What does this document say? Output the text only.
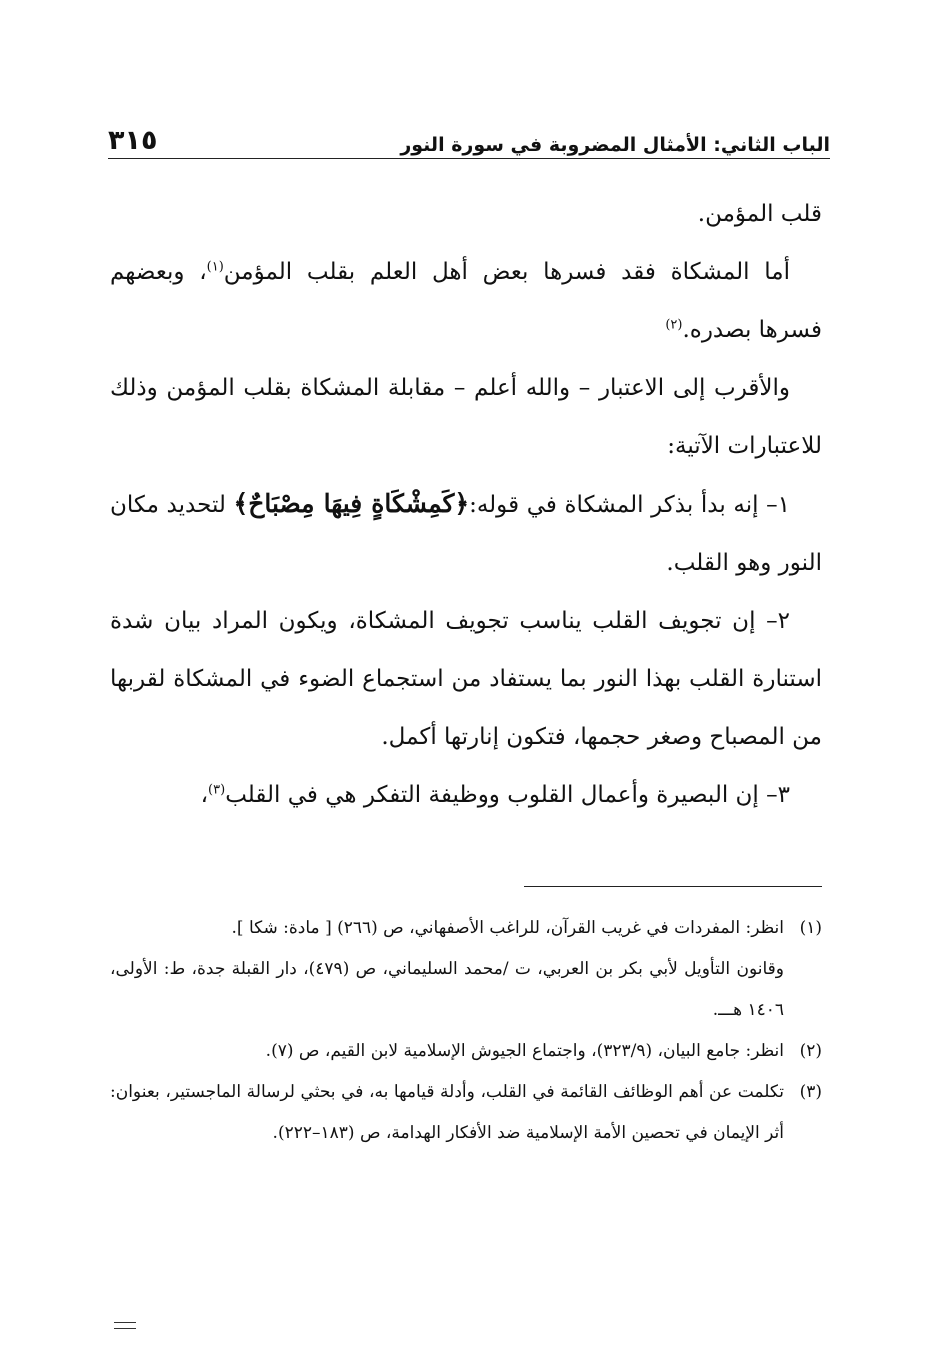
٣١٥	الباب الثاني: الأمثال المضروبة في سورة النور

قلب المؤمن.

أما المشكاة فقد فسرها بعض أهل العلم بقلب المؤمن$^{(١)}$، وبعضهم فسرها بصدره.$^{(٢)}$

والأقرب إلى الاعتبار – والله أعلم – مقابلة المشكاة بقلب المؤمن وذلك للاعتبارات الآتية:

١– إنه بدأ بذكر المشكاة في قوله:﴿كَمِشْكَاةٍ فِيهَا مِصْبَاحٌ﴾ لتحديد مكان النور وهو القلب.

٢– إن تجويف القلب يناسب تجويف المشكاة، ويكون المراد بيان شدة استنارة القلب بهذا النور بما يستفاد من استجماع الضوء في المشكاة لقربها من المصباح وصغر حجمها، فتكون إنارتها أكمل.

٣– إن البصيرة وأعمال القلوب ووظيفة التفكر هي في القلب$^{(٣)}$،

(١)انظر: المفردات في غريب القرآن، للراغب الأصفهاني، ص (٢٦٦) [ مادة: شكا ].

وقانون التأويل لأبي بكر بن العربي، ت /محمد السليماني، ص (٤٧٩)، دار القبلة جدة، ط: الأولى، ١٤٠٦ هـــ.

(٢)انظر: جامع البيان، (٣٢٣/٩)، واجتماع الجيوش الإسلامية لابن القيم، ص (٧).

(٣)تكلمت عن أهم الوظائف القائمة في القلب، وأدلة قيامها به، في بحثي لرسالة الماجستير، بعنوان: أثر الإيمان في تحصين الأمة الإسلامية ضد الأفكار الهدامة، ص (١٨٣–٢٢٢).
